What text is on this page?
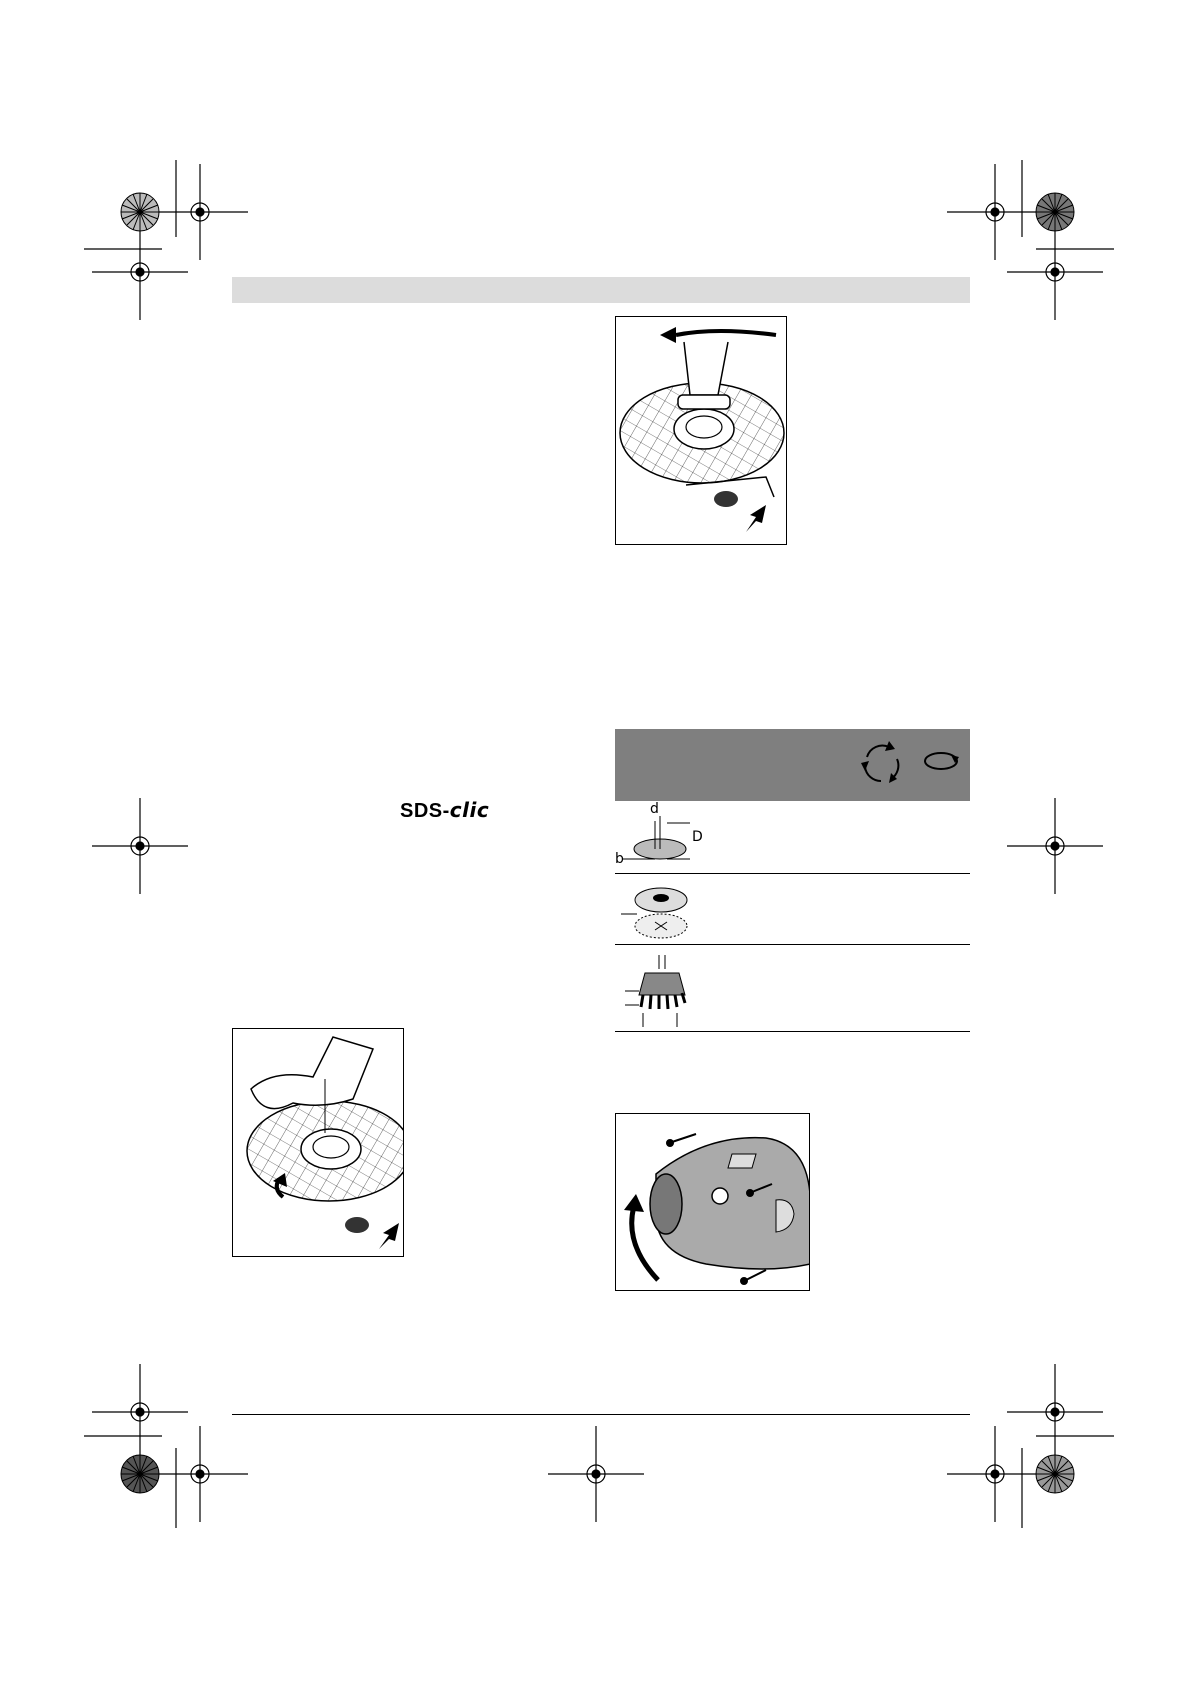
SDS-clic	d
D
b
